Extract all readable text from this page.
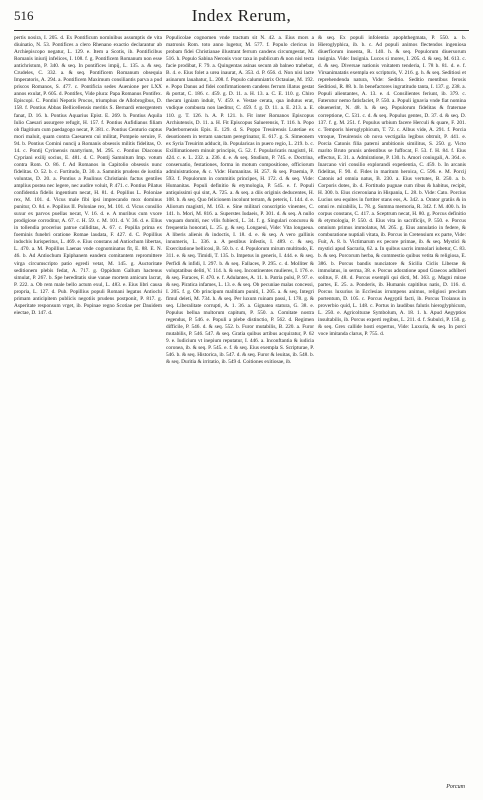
516	Index Rerum,

pertis nosira, I. 205. d. Ex Pontificum nominibus assumptis de vita diuinatio, N. 53. Pontifices a clero Rhenano exactio declarantur ab Archiepiscopo negatur, L. 129. e. Item a Scotis, ib. Pontificibus Romanis iniurij infelices, I. 108. f. g. Pontificem Romanum non esse antichristum, P. 340. & seq. In pontifices impij, L. 135. a. & seq. Crudeles, C. 332. a. & seq. Pontificem Romanum obsequia Imperatoris, A. 294. a. Pontificem Maximum consiliantis parva a pud priscos Romanos, S. 477. c. Pontificia sedes Auenione per LXX annos exulat, P. 605. d. Pontifex, Vide plura: Papa Romanus Pontifex. Episcopi. C. Pontini Nepotis Procos, triumphus de Allobrogibus, D. 158. f. Pontius Abbas Bellicellensis meritis S. Bernardi emergentem fanat, D. 16. h. Pontius Aquarius Epist. E. 269. b. Pontius Aquila Iulio Caesari assurgere refugit, H. 157. f. Pontius Aufidianus filiam ob flagitium cum paedagogo necat, P. 381. c. Pontius Centurio captus mori maluit, quam contra Caesarem cui militat, Pompeio seruire, F. 94. b. Pontius Comini nuncij a Romanis obsessis militis fidelitas, O. 14. c. Pontij Cyrinensis martyrium, M. 295. c. Pontius Diaconus Cypriani exilij socius, E. 481. d. C. Pontij Samnitum Imp. votum contra Rom. O. 86. f. Ad Romanos in Capitolio obsessis nunc fidelitas. O. 52. b. c. Fortitudo, D. 30. a. Samnitis prudens de iustitia voluntas, D. 20. a. Pontius a Paulinus Christianis factus gentiles amplius postea nec legere, nec audire voluit, P. 471. c. Pontius Pilatus confidentia fidelis ingentium necat, H. 81. d. Popilius L. Poloniae rex, M. 101. d. Vicus male fibi ipsi imprecando mox dominus punitur, O. 84. e. Popilius II. Poloniae rex, M. 101. d. Vicus consilio suxur ex parvos puellas necat, V. 16. d. e. A muribus cum vxore prodigiose corroditur, A. 67. c. H. 59. c. M. 101. d. V. 36. d. e. Elius in tollendia procerius patrue calliditas, A. 67. c. Popilia prima ex foeminis funebri oratione Romae laudata, F. 427. d. C. Popillius indochis Iurisperitus, L. 469. e. Eius constans ad Antiochum libertas, L. 470. a. M. Popillius Laenas vnde cognominatus fit, E. 88. E. N. 46. b. Ad Antiochum Epiphanem eandem comitantem repromittere virga circumscripto patio egredi vetat, M. 145. g. Auctoritate seditionem plebis fedat, A. 717. g. Oppidum Gallum hactenus simulat, P. 267. b. Spe hereditatis siue vanae mortem amicum lacrat, P. 222. a. Ob rem male bello actum exul, L. 483. e. Eius libri causa propria, L. 127. d. Pub. Popillius populi Romani legatus Antiochi primam anticipitem publicis negotiis prudens postponit, P. 817. g. Asperitate responsum vrget, ib. Popinae regno Scotiae per Dauidem eiectae, D. 147. d.

Populicolae cognomen vnde tractum sit N. 42. a. Eius mors a matronis Rom. toto anno lugetur, M. 577. f. Populo clericus in probam fidei Christianae illustrant ferrum candens circumgestat, M. 516. h. Populo Sabina Neronis vxor taxa in publicum & non nisi tecta facie prodibat, F. 79. a. Quingentas asinas secum ab balneo trahebat, B. 4. e. Eius folet a urea inaurat, A. 353. d. P. 656. d. Non nisi lacte asinarum lauabatur, L. 208. f. Populo calumniatrix Octauiae, M. 192. e. Popo Danus ad fidei confirmationem candens ferrum illatus gestat & portat, C. 186. c. 459. g. D. 11. a. H. 13. a. C. E. 110. g. Chiro thecam igniam induit, V. 459. e. Vestae cerata, qua indutus erat, vndique combusta non laeditur, C. 459. f. g. D. 11. a. E. 213. a. E. 110. g. T. 126. h. A. P. 121. h. Fit inter Romanos Episcopus Archiutensis, D. 11. a. H. Fit Episcopus Saluerensis, T. 116. h. Popo Paderbornensis Epis. E. 129. d. S. Poppo Treuirensis Lutetiae ex deuotionem in terram sanctam peregrinatur, E. 617. g. S. Simeonem ex Syria Treuirim adducit, ib. Popularicas in puero regio, L. 219. b. c. Exillimationem minuit principis, G. 52. f. Popularicatis magistri, H. 424. c. e. L. 232. a. 236. d. e. & seq. Studium, P. 745. e. Doctrina, conseruatio, festationes, forma in motum compositione, officiorum administratione, & c. Vide: Humanitas. H. 257. & seq. Praemia, P. 593. f. Populorum in commitis principes, H. 172. d. & seq. Vide: Humanitas. Populi definitio & etymologia, P. 545. e. f. Populi antiquissimi qui sint, A. 725. a. & seq. a diis originis deducentes, H. 108. b. & seq. Quo felicionem incolunt terram, & peteris, I. 144. d. e. Aliorum magistri, M. 163. e. Sine militari conscriptio vinentes, C. 141. h. Mori, M. 816. a. Superstes Iudaeis, P. 301. d. & seq. A nullo vnquam domiti, nec vllis fubiecti, L. 34. f. g. Singulari concursu & frequentia honorati, L. 25. g. & seq. Longaeui, Vide: Vita longaeua. A liberis alienis & indoctis, I. 18. d. e. & seq. A vero gallinis innumeris, L. 336. a. A pestibus infestis, I. 489. c. & seq. Exercitatione bellicosi, B. 50. b. c. d. Populorum mirum multitudo, E. 311. e. & seq. Timidi, T. 135. b. Impetus in generis, I. 444. e. & seq. Perfidi & infidi, I. 297. b. & seq. Fallaces, P. 295. c. d. Molliter & voluptatibus deliti, V. 114. h. & seq. Incontinentes mulieres, I. 176. e. & seq. Furaces, F. 470. e. f. Adulantes, A. 11. h. Patria pulsi, P. 97. e. & seq. Piratica infames, L. 13. e. & seq. Ob pecuniae malas concessi, I. 205. f. g. Ob principum malitiam puniti, I. 205. a. & seq. Integri fimul deleti, M. 734. h. & seq. Per luxum ruinam passi, I. 178. g. & seq. Liberalitate corrupti, A. 1. 36. a. Gignatea statura, G. 38. e. Populus bellua multorum capitum, P. 550. a. Comitate nostra regendus, P. 546. e. Populi a plebe distinctio, P. 562. d. Regimen difficile, P. 546. d. & seq. 552. b. Furor mutabilis, B. 220. a. Furor mutabilis, P. 546. 547. & seq. Gratia quibus artibus acquiratur, P. 62 9. e. Iudicium vt inepium reputatur, I. 446. a. Inconftantia & iudicia coronea, ib. & seq. P. 545. e. f. & seq. Eius exempla S. Scripturae, P. 546. b. & seq. Historica, ib. 547. d. & seq. Furor & leuitas, ib. 548. b. & seq. Duritia & irritatio, ib. 549 d. Coitiones exitiosae, ib.

& seq. Ex populi infolentia apophthegmata, P. 550. a. b. Hieroglyphica, ib. b. c. Ad populi animos flectendos ingeniosa diuerfiorum inuenta, R. 140. h. & seq. Populorum diuersorum insignia. Vide: Insignia. Lucos si mores, I. 205. d. & seq. M. 613. c. d. & seq. Diversae nationis vnitatem tenderia, I. 78 b. 81. d. e. f. Virsanimatatis exempla ex scripturis, V. 216. g. h. & seq. Seditiosi et reprehendenda natura, Vide: Seditio. Seditio mentibus ferosis Seditiosi, R. 88. b. In benefactores ingratitudo tanta, I. 137. g. 238. a. Populi alientantes, A. 13. e. 4. Consilientes feriunt, ib. 379. c. Faterutur nemo fatisfaciet, P. 550. a. Populi ignavia vnde fiat nomina obuenerint, N. 48. h. & seq. Populorum fidelitas & fraternae correptione, C. 531. c. d. & seq. Populus gentes, D. 37. d. & seq. D. 137. f. g. M. 251. f. Populus urbium facere Herculi & quare, F. 201. c. Temporis hieroglyphicum, T. 72. c. Albus vide, A. 291. f. Porcia vtroque, Treuirensis ob nova vectigalia legibus obtruit, P. 441. e. Porcia Catonis filia paterni ambitionis similitus, S. 250. g. Victo marito Bruto prunis ardentibus se fuffocat, F. 53. f. H. 84. f. Eius effectus, E. 31. a. Admiratione, P. 130. h. Amori coniugali, A. 364. e. Inarcano viri consilio explorandi expetientia, C. 459. b. In arcanis fidelitas, F. 90. d. Fides in maritum heroica, C. 596. e. M. Porcij Catonis ad omnia natus, B. 230. a. Eius vertutes, B. 250. a. b. Corporis dotes, ib. d. Fortitudo pugnae cum ribus & habitus, recipit, H. 300. b. Eius ciceroniana in Hispania, L. 28. b. Vide: Cato. Porcius Lucius seu equites in fortiter stans eos, A. 342. a. Orator gratiis & in omni re. mirabilis, L. 78. g. Summa memoria, R. 342. f. M. 400. h. In corpus constans, C. 417. a. Sceptrum necat, H. 80. g. Porcus definitio & etymologia, P. 550. d. Eius vita in sacrificijs, P. 550. e. Porcus omnium primus immolatus, M. 265. g. Eius annulatio in federe, & comburatione nuptiali vitata, ib. Porcus in Cretensium ex parte, Vide: Fuit, A. 8. b. Victimarum ex pecore primae, ib. & seq. Mystici & mystici apud Sacraria, 62. a. In quibus sacris immolari iubetur, C. 83. b. & seq. Porcorum herba, & commestio quibus vetita & religiosa, E. 386. b. Porcus bandis nunciatore & Sicilia Ciclis Liberae & immolatus, in serma, 38. e. Porcus adoratione apud Graecos adhiberi solitus, F. 48. d. Porcus exempli qui dicti, M. 363. g. Magni mirae partes, E. 25. a. Ponderis, ib. Humanis capitibus natis, D. 116. d. Porcus luxurius in Ecclesias irrumpens animus, religiosi precium portentum, D. 105. c. Porcus Aegyptii facti, ib. Porcus Troianus in proverbio quid, L. 148. c. Portus in laudibus falutis hieroglyphicum, L. 250. e. Agricolturae Symbolum, A. 18. 1. h. Apud Aegyptios insultabilis, ib. Porcus experti regibus, L. 211. d. f. Subulci, P. 150. g. & seq. Grex callide hosti expertus, Vide: Luxuria, & seq. In porci voce imitanda clarus, P. 755. d.

Porcum
